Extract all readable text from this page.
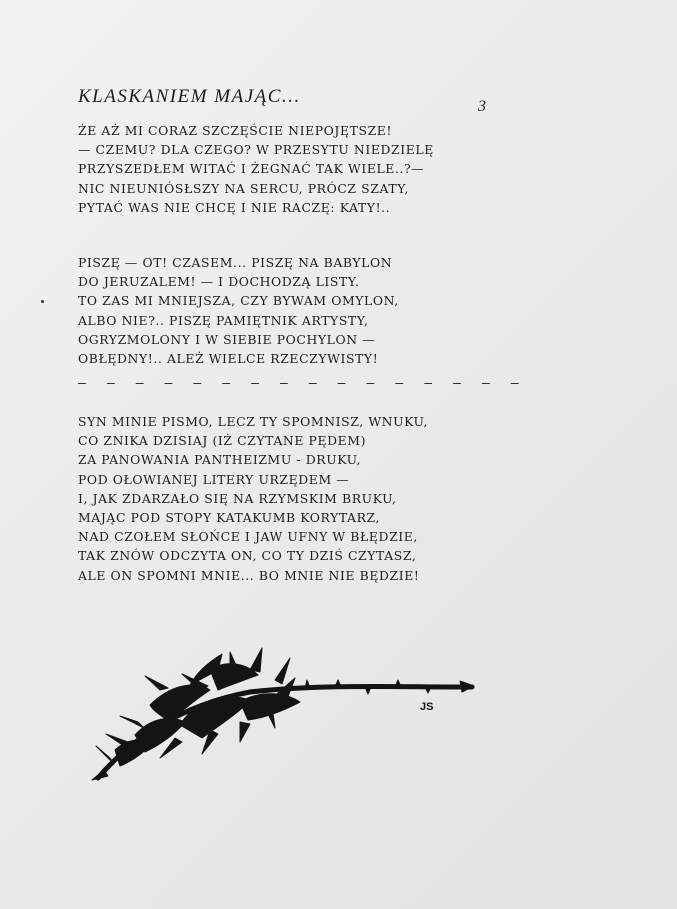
KLASKANIEM MAJĄC...	3
ŻE AŻ MI CORAZ SZCZĘŚCIE NIEPOJĘTSZE!
— CZEMU? DLA CZEGO? W PRZESYTU NIEDZIELĘ
PRZYSZEDŁEM WITAĆ I ŻEGNAĆ TAK WIELE..?—
NIC NIEUNIÓSŁSZY NA SERCU, PRÓCZ SZATY,
PYTAĆ WAS NIE CHCĘ I NIE RACZĘ: KATY!..
PISZĘ — OT! CZASEM... PISZĘ NA BABYLON
DO JERUZALEM! — I DOCHODZĄ LISTY.
TO ZAS MI MNIEJSZA, CZY BYWAM OMYLON,
ALBO NIE?.. PISZĘ PAMIĘTNIK ARTYSTY,
OGRYZMOLONY I W SIEBIE POCHYLON —
OBŁĘDNY!.. ALEŻ WIELCE RZECZYWISTY!
— — — — — — — — — — — — — — — —
SYN MINIE PISMO, LECZ TY SPOMNISZ, WNUKU,
CO ZNIKA DZISIAJ (IŻ CZYTANE PĘDEM)
ZA PANOWANIA PANTHEIZMU - DRUKU,
POD OŁOWIANEJ LITERY URZĘDEM —
I, JAK ZDARZAŁO SIĘ NA RZYMSKIM BRUKU,
MAJĄC POD STOPY KATAKUMB KORYTARZ,
NAD CZOŁEM SŁOŃCE I JAW UFNY W BŁĘDZIE,
TAK ZNÓW ODCZYTA ON, CO TY DZIŚ CZYTASZ,
ALE ON SPOMNI MNIE... BO MNIE NIE BĘDZIE!
JS
